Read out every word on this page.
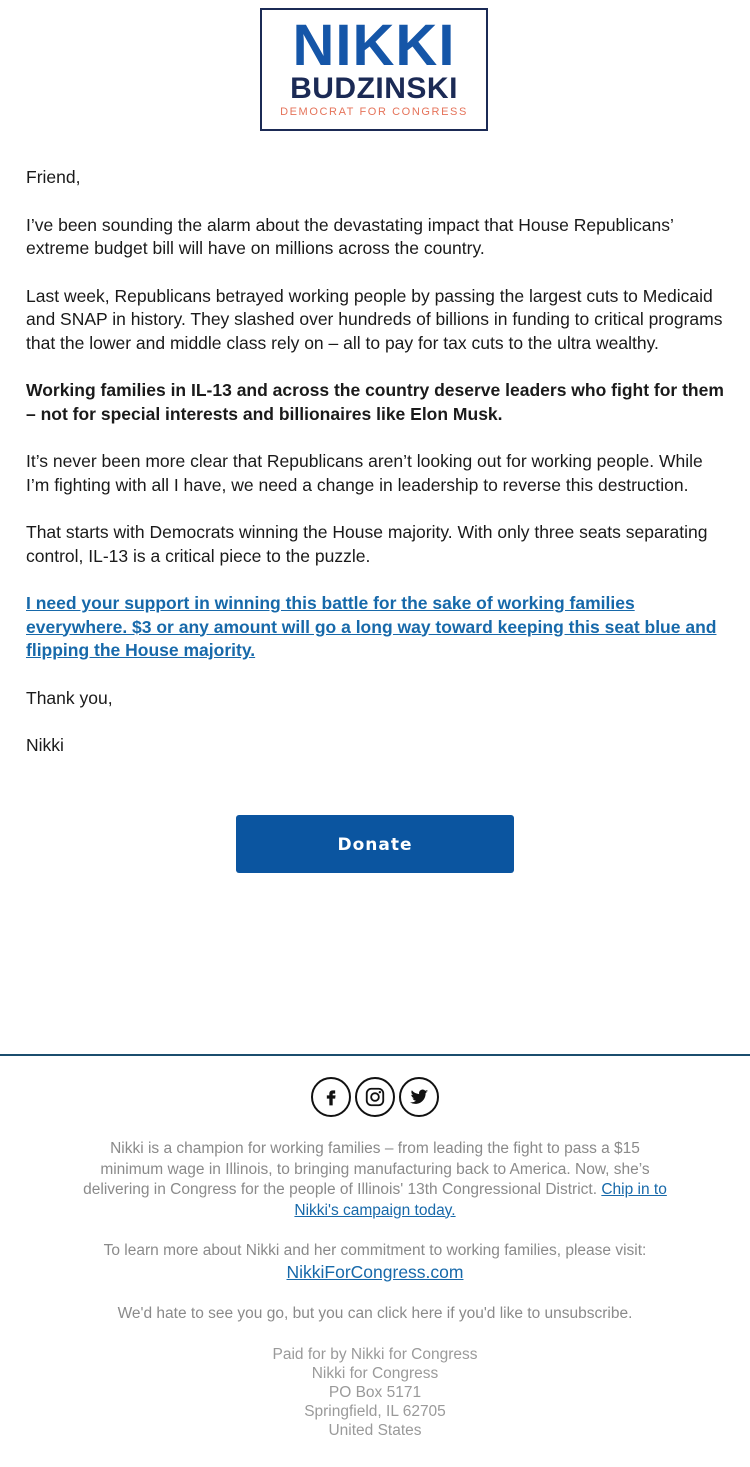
NIKKI
BUDZINSKI
DEMOCRAT FOR CONGRESS

Friend,

I’ve been sounding the alarm about the devastating impact that House Republicans’ extreme budget bill will have on millions across the country.

Last week, Republicans betrayed working people by passing the largest cuts to Medicaid and SNAP in history. They slashed over hundreds of billions in funding to critical programs that the lower and middle class rely on – all to pay for tax cuts to the ultra wealthy.

Working families in IL-13 and across the country deserve leaders who fight for them – not for special interests and billionaires like Elon Musk.

It’s never been more clear that Republicans aren’t looking out for working people. While I’m fighting with all I have, we need a change in leadership to reverse this destruction.

That starts with Democrats winning the House majority. With only three seats separating control, IL-13 is a critical piece to the puzzle.

I need your support in winning this battle for the sake of working families everywhere. $3 or any amount will go a long way toward keeping this seat blue and flipping the House majority.

Thank you,

Nikki

Donate

Nikki is a champion for working families – from leading the fight to pass a $15 minimum wage in Illinois, to bringing manufacturing back to America. Now, she’s delivering in Congress for the people of Illinois' 13th Congressional District. Chip in to Nikki's campaign today.

To learn more about Nikki and her commitment to working families, please visit:
NikkiForCongress.com

We'd hate to see you go, but you can click here if you'd like to unsubscribe.

Paid for by Nikki for Congress
Nikki for Congress
PO Box 5171
Springfield, IL 62705
United States
